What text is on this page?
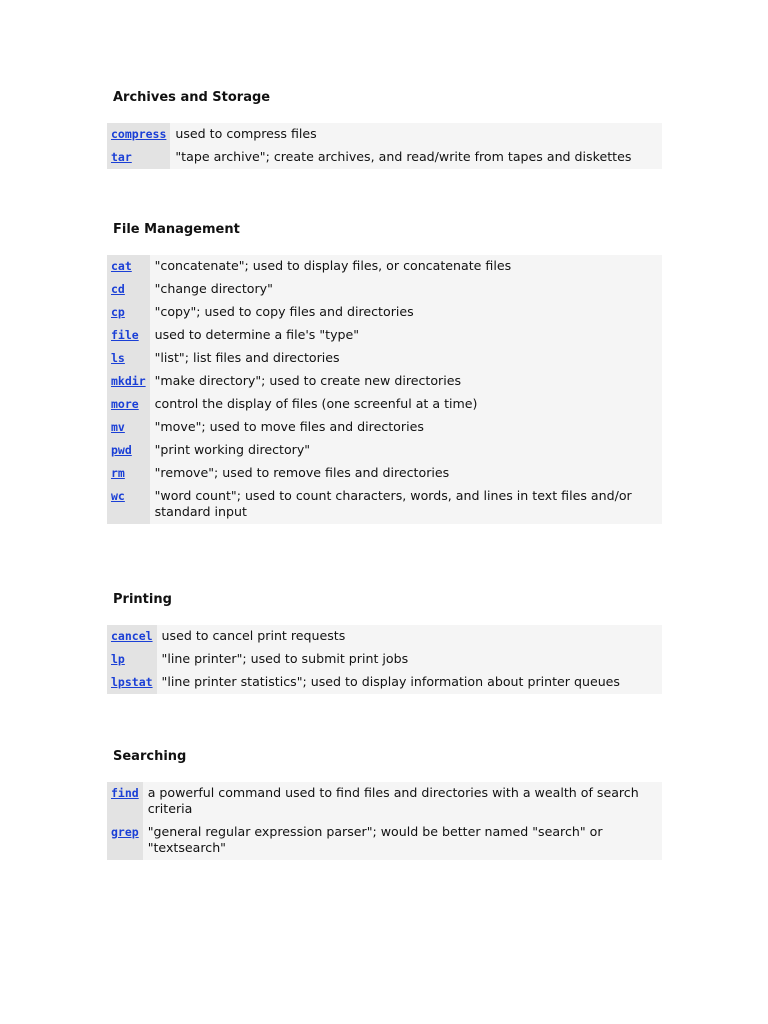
Archives and Storage
compress	used to compress files
tar	"tape archive"; create archives, and read/write from tapes and diskettes
File Management
cat	"concatenate"; used to display files, or concatenate files
cd	"change directory"
cp	"copy"; used to copy files and directories
file	used to determine a file's "type"
ls	"list"; list files and directories
mkdir	"make directory"; used to create new directories
more	control the display of files (one screenful at a time)
mv	"move"; used to move files and directories
pwd	"print working directory"
rm	"remove"; used to remove files and directories
wc	"word count"; used to count characters, words, and lines in text files and/or standard input
Printing
cancel	used to cancel print requests
lp	"line printer"; used to submit print jobs
lpstat	"line printer statistics"; used to display information about printer queues
Searching
find	a powerful command used to find files and directories with a wealth of search criteria
grep	"general regular expression parser"; would be better named "search" or "textsearch"
